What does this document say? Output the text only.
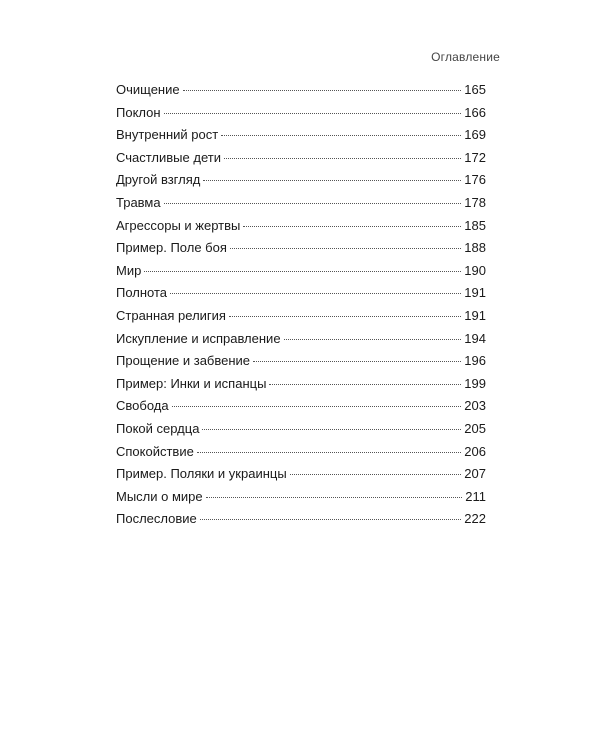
Оглавление
Очищение	165
Поклон	166
Внутренний рост	169
Счастливые дети	172
Другой взгляд	176
Травма	178
Агрессоры и жертвы	185
Пример. Поле боя	188
Мир	190
Полнота	191
Странная религия	191
Искупление и исправление	194
Прощение и забвение	196
Пример: Инки и испанцы	199
Свобода	203
Покой сердца	205
Спокойствие	206
Пример. Поляки и украинцы	207
Мысли о мире	211
Послесловие	222
